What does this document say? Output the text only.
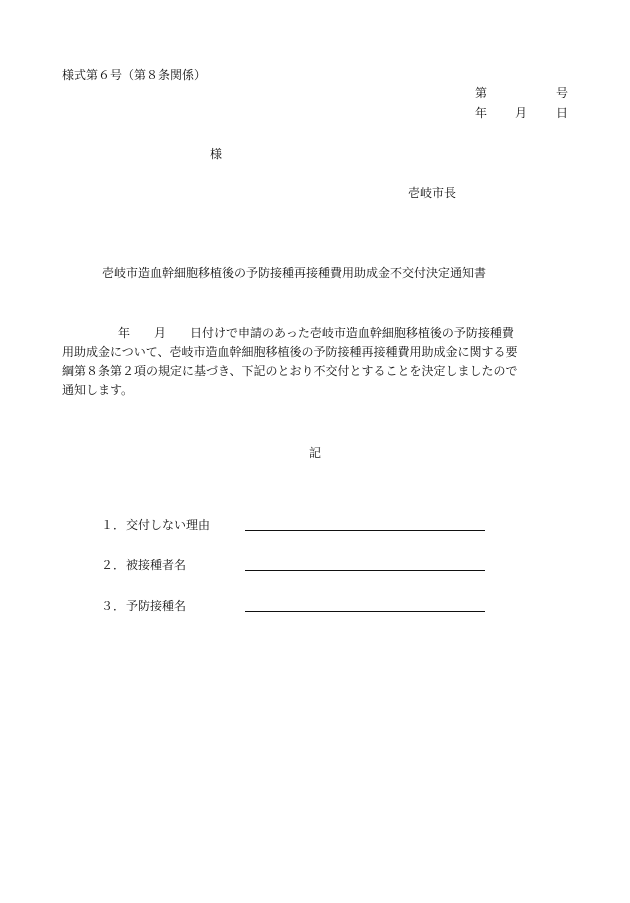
様式第６号（第８条関係）
第	号
年 月 日
様
壱岐市長
壱岐市造血幹細胞移植後の予防接種再接種費用助成金不交付決定通知書
年 月 日付けで申請のあった壱岐市造血幹細胞移植後の予防接種費
用助成金について、壱岐市造血幹細胞移植後の予防接種再接種費用助成金に関する要
綱第８条第２項の規定に基づき、下記のとおり不交付とすることを決定しましたので
通知します。
記
１． 交付しない理由
２． 被接種者名
３． 予防接種名
